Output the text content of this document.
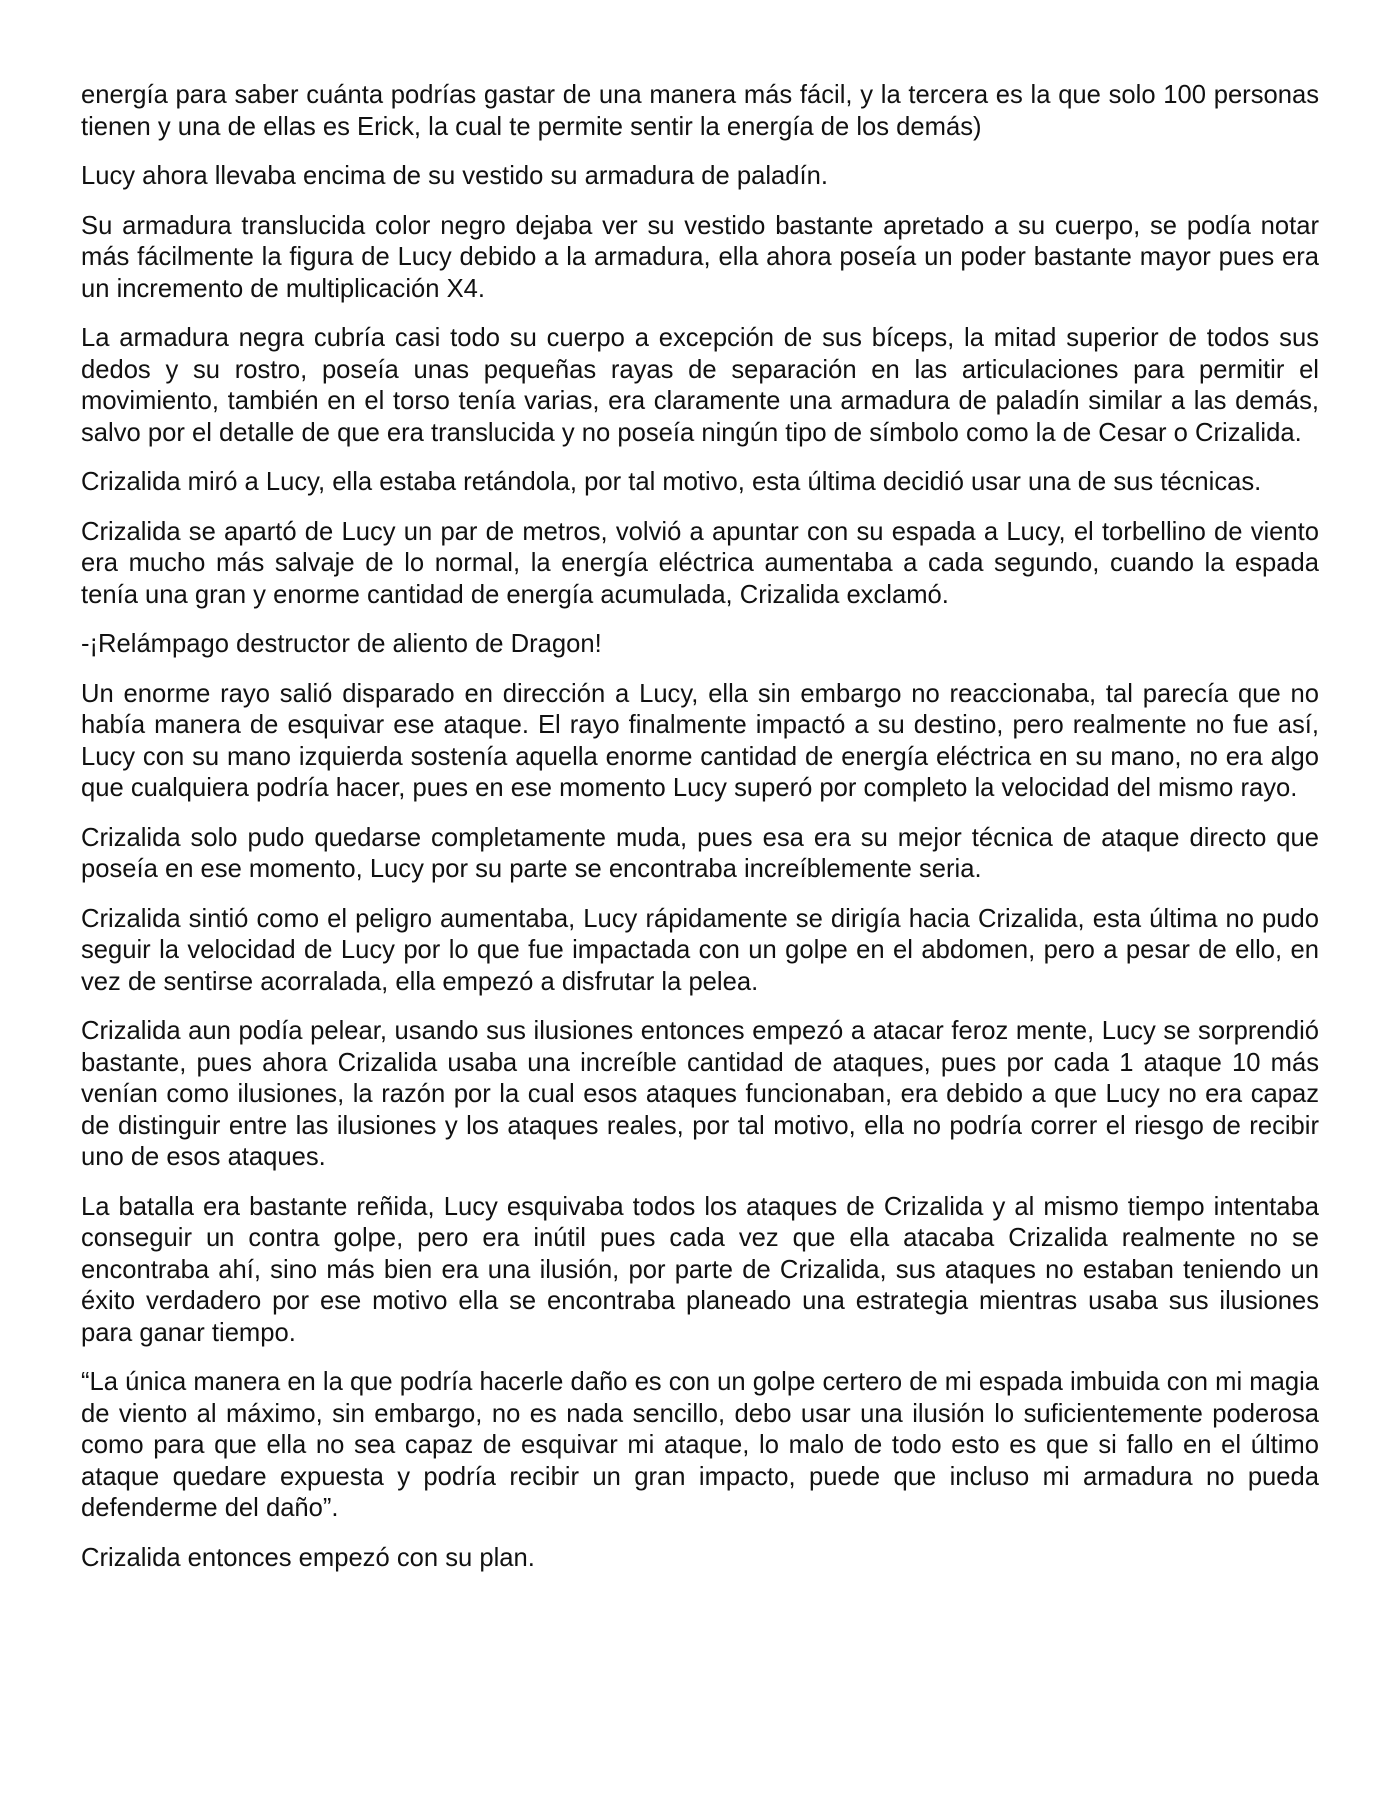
energía para saber cuánta podrías gastar de una manera más fácil, y la tercera es la que solo 100 personas tienen y una de ellas es Erick, la cual te permite sentir la energía de los demás)

Lucy ahora llevaba encima de su vestido su armadura de paladín.

Su armadura translucida color negro dejaba ver su vestido bastante apretado a su cuerpo, se podía notar más fácilmente la figura de Lucy debido a la armadura, ella ahora poseía un poder bastante mayor pues era un incremento de multiplicación X4.

La armadura negra cubría casi todo su cuerpo a excepción de sus bíceps, la mitad superior de todos sus dedos y su rostro, poseía unas pequeñas rayas de separación en las articulaciones para permitir el movimiento, también en el torso tenía varias, era claramente una armadura de paladín similar a las demás, salvo por el detalle de que era translucida y no poseía ningún tipo de símbolo como la de Cesar o Crizalida.

Crizalida miró a Lucy, ella estaba retándola, por tal motivo, esta última decidió usar una de sus técnicas.

Crizalida se apartó de Lucy un par de metros, volvió a apuntar con su espada a Lucy, el torbellino de viento era mucho más salvaje de lo normal, la energía eléctrica aumentaba a cada segundo, cuando la espada tenía una gran y enorme cantidad de energía acumulada, Crizalida exclamó.

-¡Relámpago destructor de aliento de Dragon!

Un enorme rayo salió disparado en dirección a Lucy, ella sin embargo no reaccionaba, tal parecía que no había manera de esquivar ese ataque. El rayo finalmente impactó a su destino, pero realmente no fue así, Lucy con su mano izquierda sostenía aquella enorme cantidad de energía eléctrica en su mano, no era algo que cualquiera podría hacer, pues en ese momento Lucy superó por completo la velocidad del mismo rayo.

Crizalida solo pudo quedarse completamente muda, pues esa era su mejor técnica de ataque directo que poseía en ese momento, Lucy por su parte se encontraba increíblemente seria.

Crizalida sintió como el peligro aumentaba, Lucy rápidamente se dirigía hacia Crizalida, esta última no pudo seguir la velocidad de Lucy por lo que fue impactada con un golpe en el abdomen, pero a pesar de ello, en vez de sentirse acorralada, ella empezó a disfrutar la pelea.

Crizalida aun podía pelear, usando sus ilusiones entonces empezó a atacar feroz mente, Lucy se sorprendió bastante, pues ahora Crizalida usaba una increíble cantidad de ataques, pues por cada 1 ataque 10 más venían como ilusiones, la razón por la cual esos ataques funcionaban, era debido a que Lucy no era capaz de distinguir entre las ilusiones y los ataques reales, por tal motivo, ella no podría correr el riesgo de recibir uno de esos ataques.

La batalla era bastante reñida, Lucy esquivaba todos los ataques de Crizalida y al mismo tiempo intentaba conseguir un contra golpe, pero era inútil pues cada vez que ella atacaba Crizalida realmente no se encontraba ahí, sino más bien era una ilusión, por parte de Crizalida, sus ataques no estaban teniendo un éxito verdadero por ese motivo ella se encontraba planeado una estrategia mientras usaba sus ilusiones para ganar tiempo.

“La única manera en la que podría hacerle daño es con un golpe certero de mi espada imbuida con mi magia de viento al máximo, sin embargo, no es nada sencillo, debo usar una ilusión lo suficientemente poderosa como para que ella no sea capaz de esquivar mi ataque, lo malo de todo esto es que si fallo en el último ataque quedare expuesta y podría recibir un gran impacto, puede que incluso mi armadura no pueda defenderme del daño”.

Crizalida entonces empezó con su plan.
